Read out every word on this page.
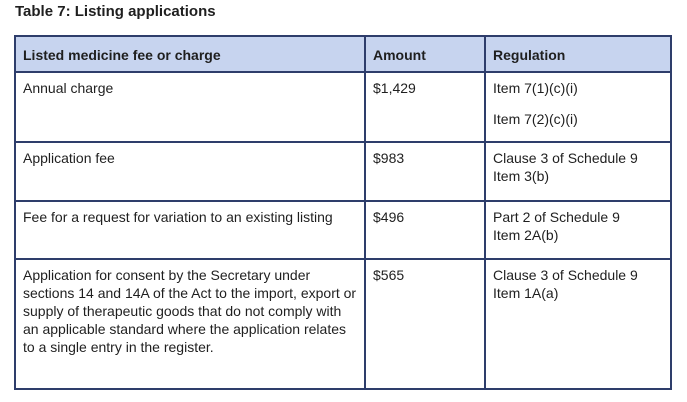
Table 7: Listing applications
Listed medicine fee or charge	Amount	Regulation
Annual charge	$1,429	Item 7(1)(c)(i)
Item 7(2)(c)(i)

Application fee	$983	Clause 3 of Schedule 9
Item 3(b)

Fee for a request for variation to an existing listing	$496	Part 2 of Schedule 9
Item 2A(b)

Application for consent by the Secretary under sections 14 and 14A of the Act to the import, export or supply of therapeutic goods that do not comply with an applicable standard where the application relates to a single entry in the register.	$565	Clause 3 of Schedule 9
Item 1A(a)
